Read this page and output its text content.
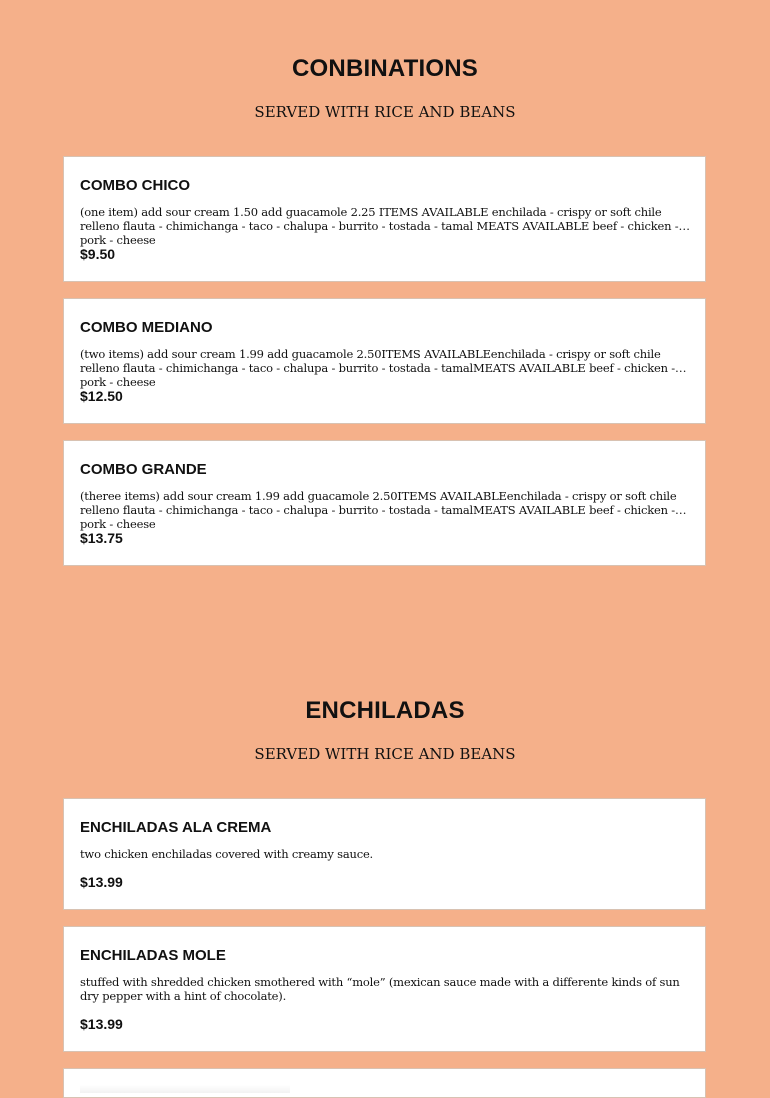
CONBINATIONS

SERVED WITH RICE AND BEANS

COMBO CHICO
(one item) add sour cream 1.50 add guacamole 2.25 ITEMS AVAILABLE enchilada - crispy or soft chile relleno flauta - chimichanga - taco - chalupa - burrito - tostada - tamal MEATS AVAILABLE beef - chicken - pork - cheese
$9.50
COMBO MEDIANO
(two items) add sour cream 1.99 add guacamole 2.50ITEMS AVAILABLEenchilada - crispy or soft chile relleno flauta - chimichanga - taco - chalupa - burrito - tostada - tamalMEATS AVAILABLE beef - chicken - pork - cheese
$12.50
COMBO GRANDE
(theree items) add sour cream 1.99 add guacamole 2.50ITEMS AVAILABLEenchilada - crispy or soft chile relleno flauta - chimichanga - taco - chalupa - burrito - tostada - tamalMEATS AVAILABLE beef - chicken - pork - cheese
$13.75
ENCHILADAS

SERVED WITH RICE AND BEANS

ENCHILADAS ALA CREMA
two chicken enchiladas covered with creamy sauce.
$13.99
ENCHILADAS MOLE
stuffed with shredded chicken smothered with “mole” (mexican sauce made with a differente kinds of sun dry pepper with a hint of chocolate).
$13.99
